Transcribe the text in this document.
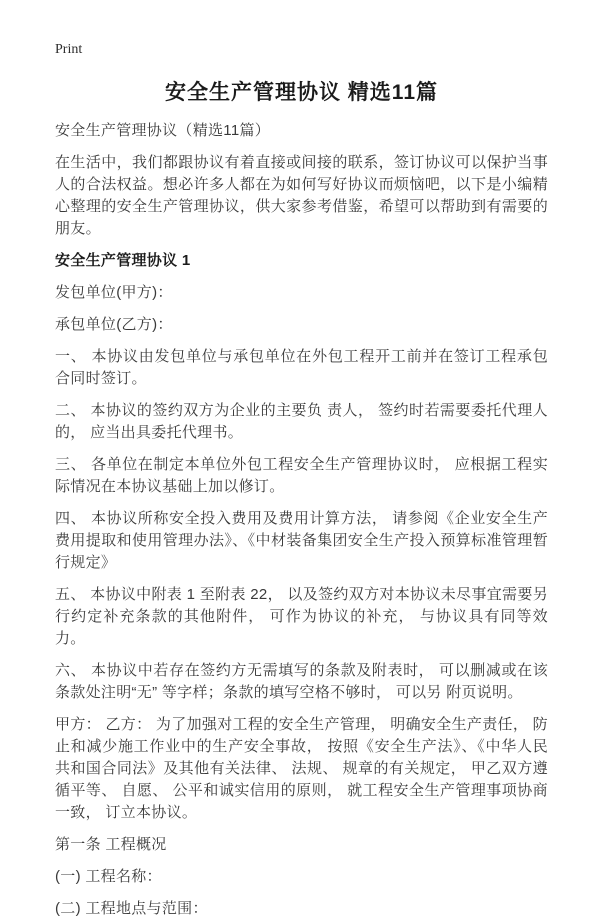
Print
安全生产管理协议 精选11篇

安全生产管理协议（精选11篇）

在生活中，我们都跟协议有着直接或间接的联系，签订协议可以保护当事人的合法权益。想必许多人都在为如何写好协议而烦恼吧，以下是小编精心整理的安全生产管理协议，供大家参考借鉴，希望可以帮助到有需要的朋友。

安全生产管理协议 1

发包单位(甲方)：

承包单位(乙方)：

一、 本协议由发包单位与承包单位在外包工程开工前并在签订工程承包合同时签订。

二、 本协议的签约双方为企业的主要负 责人， 签约时若需要委托代理人的， 应当出具委托代理书。

三、 各单位在制定本单位外包工程安全生产管理协议时， 应根据工程实际情况在本协议基础上加以修订。

四、 本协议所称安全投入费用及费用计算方法， 请参阅《企业安全生产费用提取和使用管理办法》、《中材装备集团安全生产投入预算标准管理暂行规定》

五、 本协议中附表 1 至附表 22， 以及签约双方对本协议未尽事宜需要另行约定补充条款的其他附件， 可作为协议的补充， 与协议具有同等效力。

六、 本协议中若存在签约方无需填写的条款及附表时， 可以删减或在该条款处注明“无” 等字样；条款的填写空格不够时， 可以另 附页说明。

甲方： 乙方： 为了加强对工程的安全生产管理， 明确安全生产责任， 防止和减少施工作业中的生产安全事故， 按照《安全生产法》、《中华人民共和国合同法》及其他有关法律、 法规、 规章的有关规定， 甲乙双方遵循平等、 自愿、 公平和诚实信用的原则， 就工程安全生产管理事项协商一致， 订立本协议。

第一条 工程概况

(一) 工程名称：

(二) 工程地点与范围：
